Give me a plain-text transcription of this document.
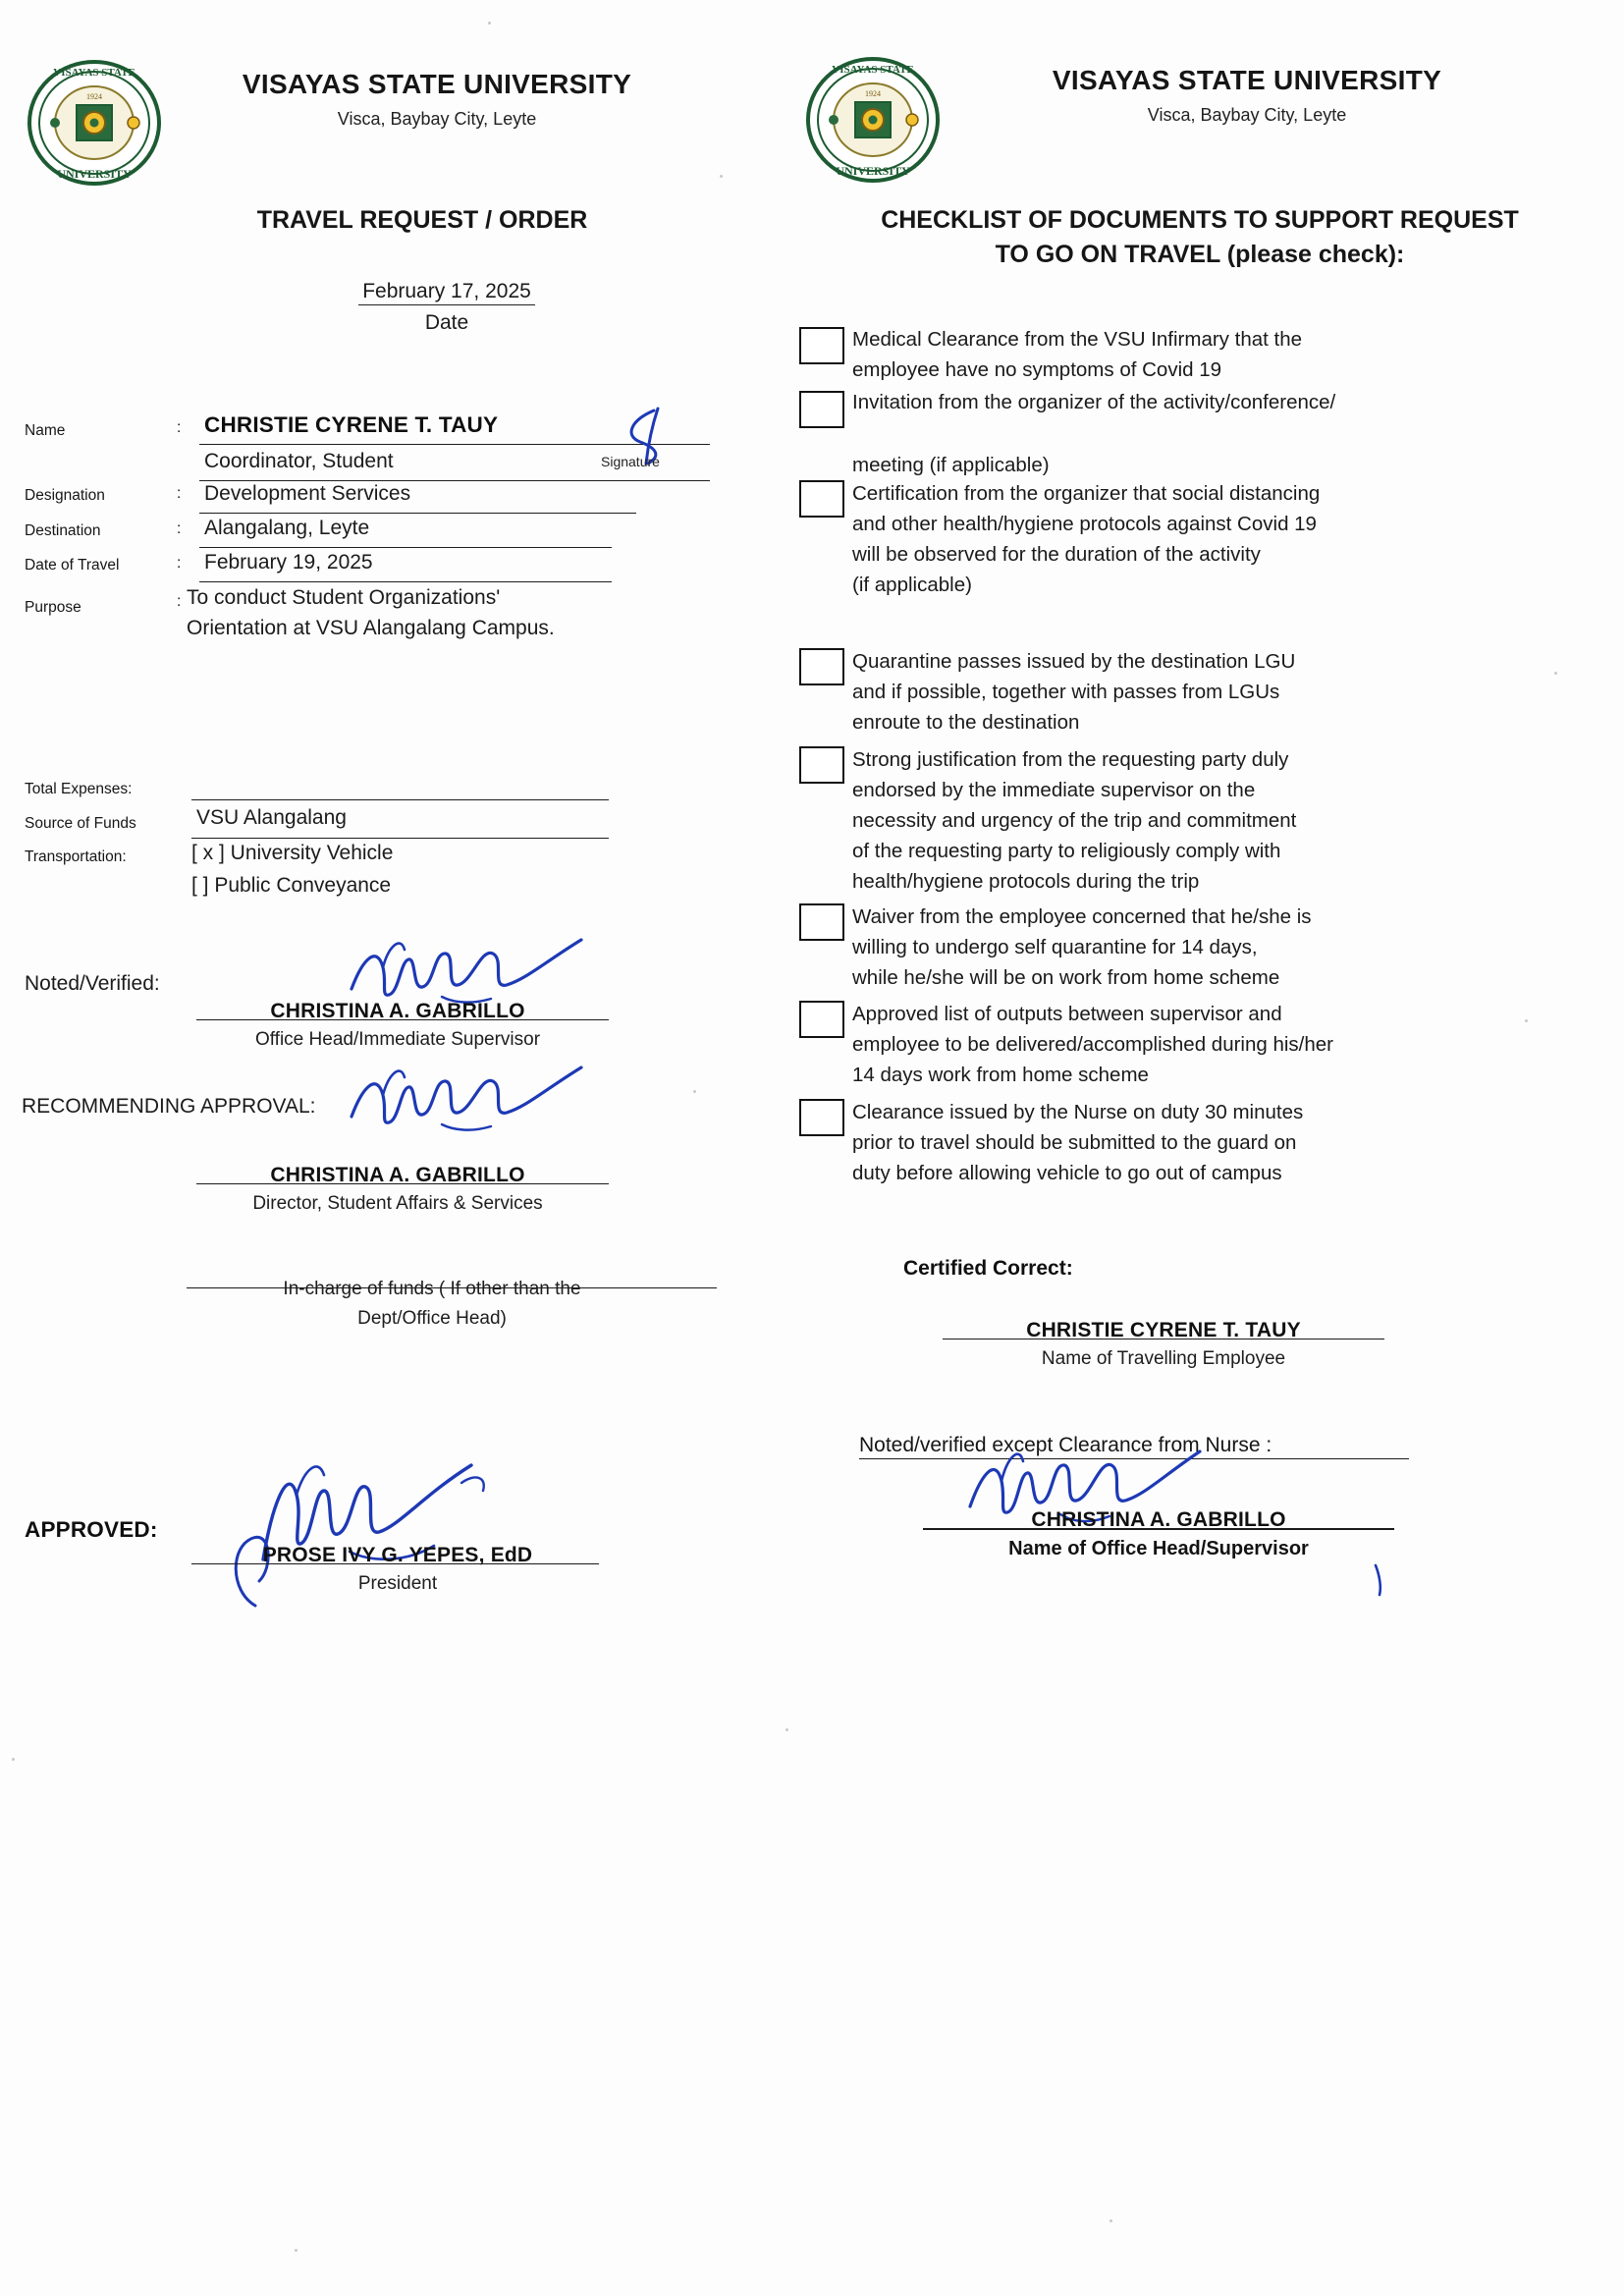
VISAYAS STATE
UNIVERSITY
1924	VISAYAS STATE UNIVERSITY
Visca, Baybay City, Leyte
TRAVEL REQUEST / ORDER
February 17, 2025
Date
Name	: CHRISTIE CYRENE T. TAUY
Coordinator, Student
Designation	: Development Services
Destination	: Alangalang, Leyte
Date of Travel	: February 19, 2025
Purpose	: To conduct Student Organizations'
Orientation at VSU Alangalang Campus.
Total Expenses:
Source of Funds	VSU Alangalang
Transportation:	[ x ] University Vehicle
[ ] Public Conveyance
Noted/Verified:
CHRISTINA A. GABRILLO
Office Head/Immediate Supervisor
RECOMMENDING APPROVAL:
CHRISTINA A. GABRILLO
Director, Student Affairs & Services
In-charge of funds ( If other than the
Dept/Office Head)
APPROVED:
PROSE IVY G. YEPES, EdD
President
Signature
VISAYAS STATE
UNIVERSITY
1924	VISAYAS STATE UNIVERSITY
Visca, Baybay City, Leyte
CHECKLIST OF DOCUMENTS TO SUPPORT REQUEST
TO GO ON TRAVEL (please check):
Medical Clearance from the VSU Infirmary that the
employee have no symptoms of Covid 19
Invitation from the organizer of the activity/conference/
meeting (if applicable)
Certification from the organizer that social distancing
and other health/hygiene protocols against Covid 19
will be observed for the duration of the activity
(if applicable)
Quarantine passes issued by the destination LGU
and if possible, together with passes from LGUs
enroute to the destination
Strong justification from the requesting party duly
endorsed by the immediate supervisor on the
necessity and urgency of the trip and commitment
of the requesting party to religiously comply with
health/hygiene protocols during the trip
Waiver from the employee concerned that he/she is
willing to undergo self quarantine for 14 days,
while he/she will be on work from home scheme
Approved list of outputs between supervisor and
employee to be delivered/accomplished during his/her
14 days work from home scheme
Clearance issued by the Nurse on duty 30 minutes
prior to travel should be submitted to the guard on
duty before allowing vehicle to go out of campus
Certified Correct:
CHRISTIE CYRENE T. TAUY
Name of Travelling Employee
Noted/verified except Clearance from Nurse :
CHRISTINA A. GABRILLO
Name of Office Head/Supervisor
